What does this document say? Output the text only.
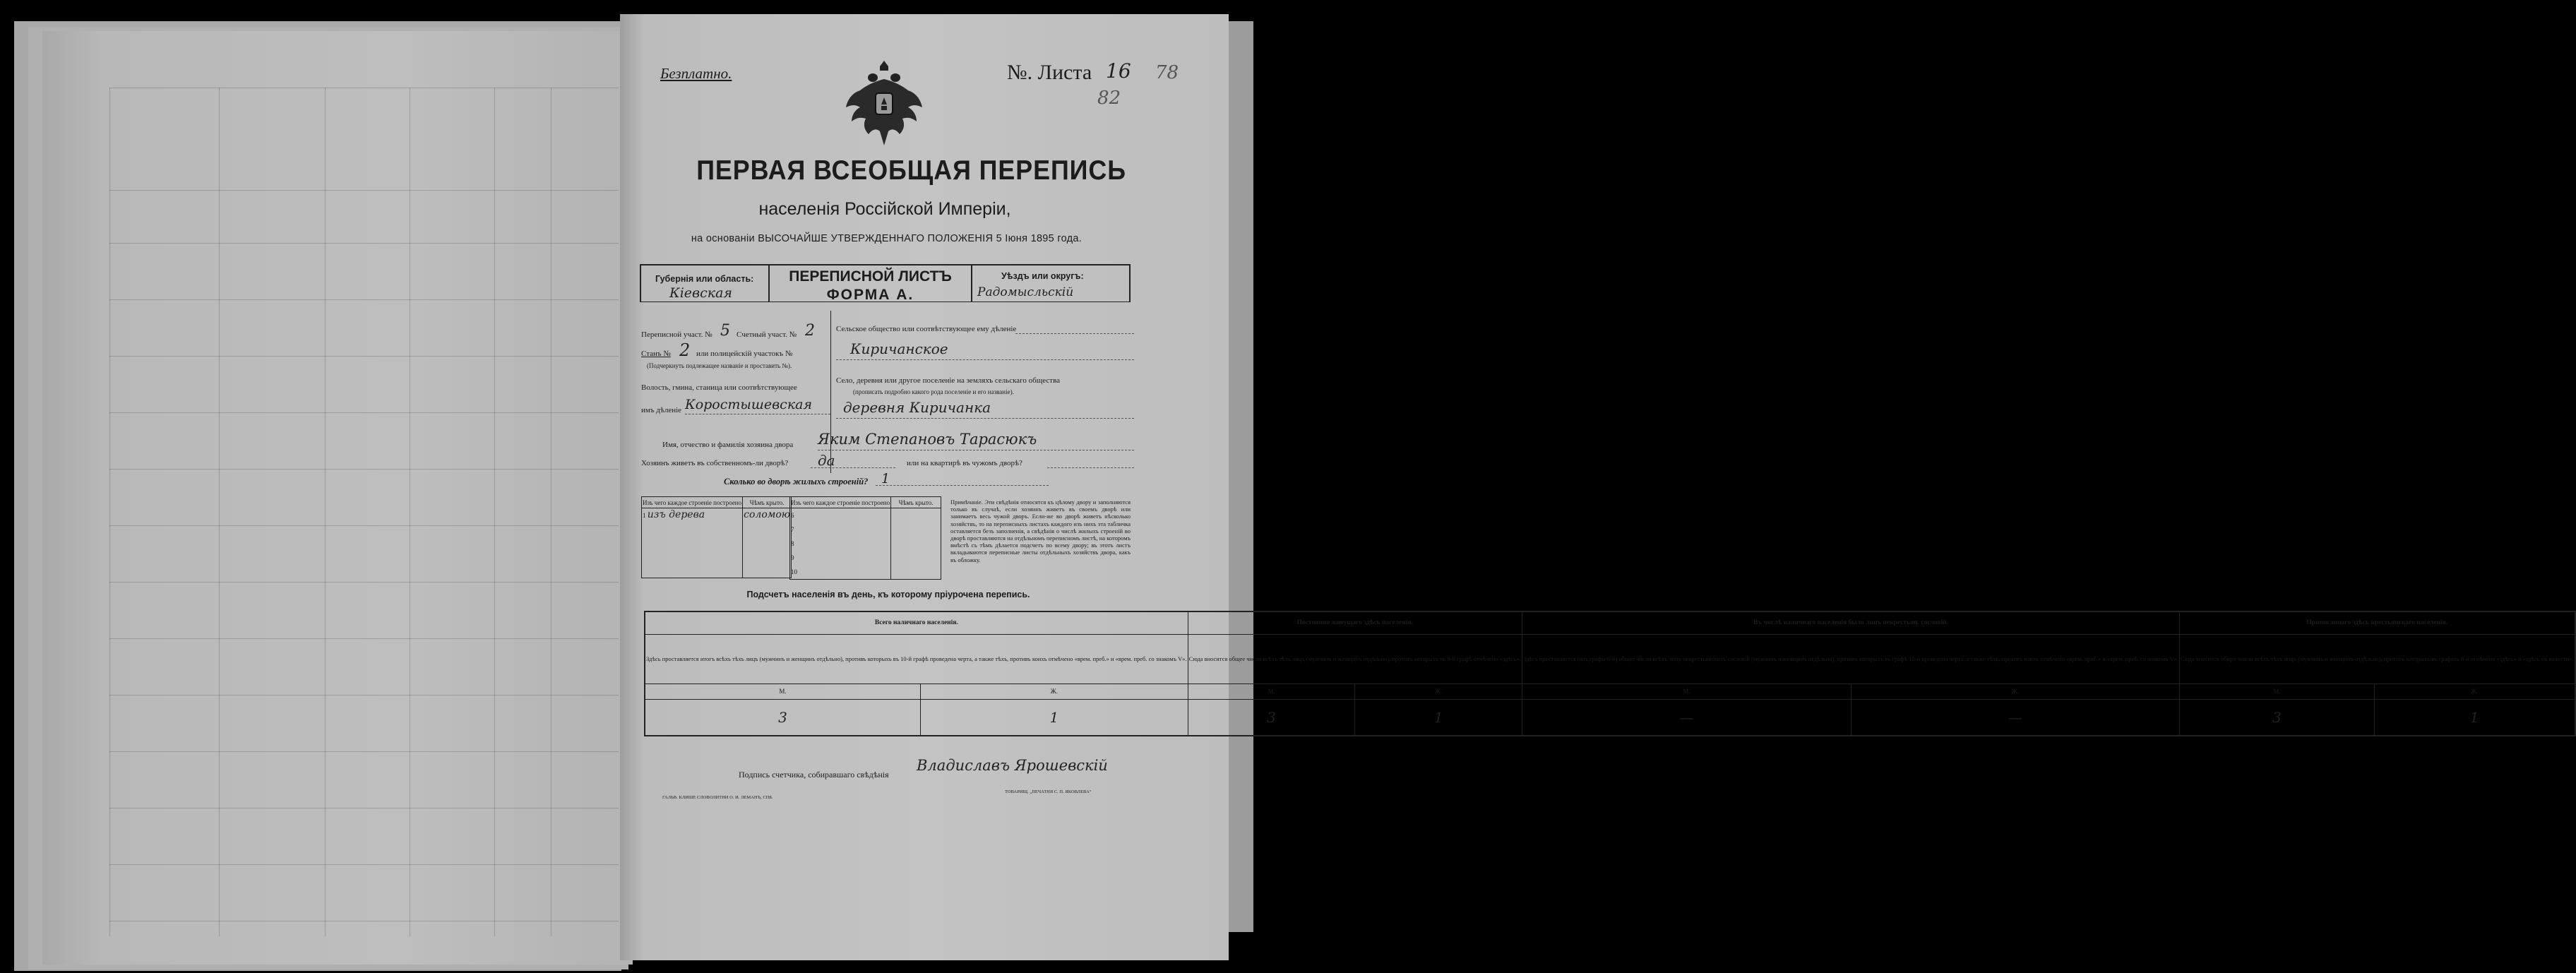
Безплатно.	№. Листа 16 78
82
ПЕРВАЯ ВСЕОБЩАЯ ПЕРЕПИСЬ
населенія Россійской Имперіи,
на основаніи ВЫСОЧАЙШЕ УТВЕРЖДЕННАГО ПОЛОЖЕНІЯ 5 Іюня 1895 года.
Губернія или область:
Кіевская
ПЕРЕПИСНОЙ ЛИСТЪ
ФОРМА А.
Уѣздъ или округъ:
Радомысльскій
Переписной участ. № 5 Счетный участ. № 2
Станъ № 2 или полицейскій участокъ №
(Подчеркнуть подлежащее названіе и проставить №).
Волость, гмина, станица или соотвѣтствующее
имъ дѣленіе Коростышевская
Сельское общество или соотвѣтствующее ему дѣленіе
Киричанское
Село, деревня или другое поселеніе на земляхъ сельскаго общества
(прописать подробно какого рода поселеніе и его названіе).
деревня Киричанка
Имя, отчество и фамилія хозяина двора Яким Степановъ Тарасюкъ
Хозяинъ живетъ въ собственномъ-ли дворѣ? да	или на квартирѣ въ чужомъ дворѣ?
Сколько во дворѣ жилыхъ строеній? 1
Изъ чего каждое строеніе построено	Чѣмъ крыто.
1 изъ дерева	соломою

Изъ чего каждое строеніе построено	Чѣмъ крыто.
6	
7	
8	
9	
10	
Примѣчаніе. Эти свѣдѣнія относятся къ цѣлому двору и заполняются только въ случаѣ, если хозяинъ живетъ въ своемъ дворѣ или занимаетъ весь чужой дворъ. Если-же во дворѣ живетъ нѣсколько хозяйствъ, то на переписныхъ листахъ каждого изъ нихъ эта табличка оставляется безъ заполненія, а свѣдѣнія о числѣ жилыхъ строеній во дворѣ проставляются на отдѣльномъ переписномъ листѣ, на которомъ вмѣстѣ съ тѣмъ дѣлается подсчетъ по всему двору; въ этотъ листъ вкладываются переписные листы отдѣльныхъ хозяйствъ двора, какъ въ обложку.
Подсчетъ населенія въ день, къ которому пріурочена перепись.
Всего наличнаго населенія.		Постоянно живущаго здѣсь населенія.		Въ числѣ наличнаго населенія было лицъ некрестьян. сословій.		Приписаннаго здѣсь крестьянскаго населенія.	
Здѣсь проставляется итогъ всѣхъ тѣхъ лицъ (мужчинъ и женщинъ отдѣльно), противъ которыхъ въ 10-й графѣ проведена черта, а также тѣхъ, противъ коихъ отмѣчено «врем. преб.» и «врем. преб. со знакомъ V».		Сюда вносится общее число всѣхъ тѣхъ лицъ (мужчинъ и женщинъ отдѣльно), противъ которыхъ въ 9-й графѣ отмѣчено «здѣсь».		Здѣсь проставляется (изъ графы 6-й) общее число всѣхъ лицъ некрестьянскихъ сословій (мужчинъ и женщинъ отдѣльно), противъ которыхъ въ графѣ 10-й проведена черта, а также тѣхъ, противъ коихъ отмѣчено «врем. преб.» и «врем. преб. со знакомъ V».		Сюда вносится общее число всѣхъ тѣхъ лицъ (мужчинъ и женщинъ отдѣльно), противъ которыхъ въ графахъ 8-й отмѣчено «здѣсь» и «здѣсь къ волости».	
М.	Ж.	М.	Ж.	М.	Ж.	М.	Ж.
3	1	3	1	—	—	3	1
Подпись счетчика, собиравшаго свѣдѣнія
Владиславъ Ярошевскій
ГАЛЬВ. КЛИШЕ СЛОВОЛИТНИ О. И. ЛЕМАНЪ, СПБ.
ТОВАРИЩ. „ПЕЧАТНЯ С. П. ЯКОВЛЕВА“
